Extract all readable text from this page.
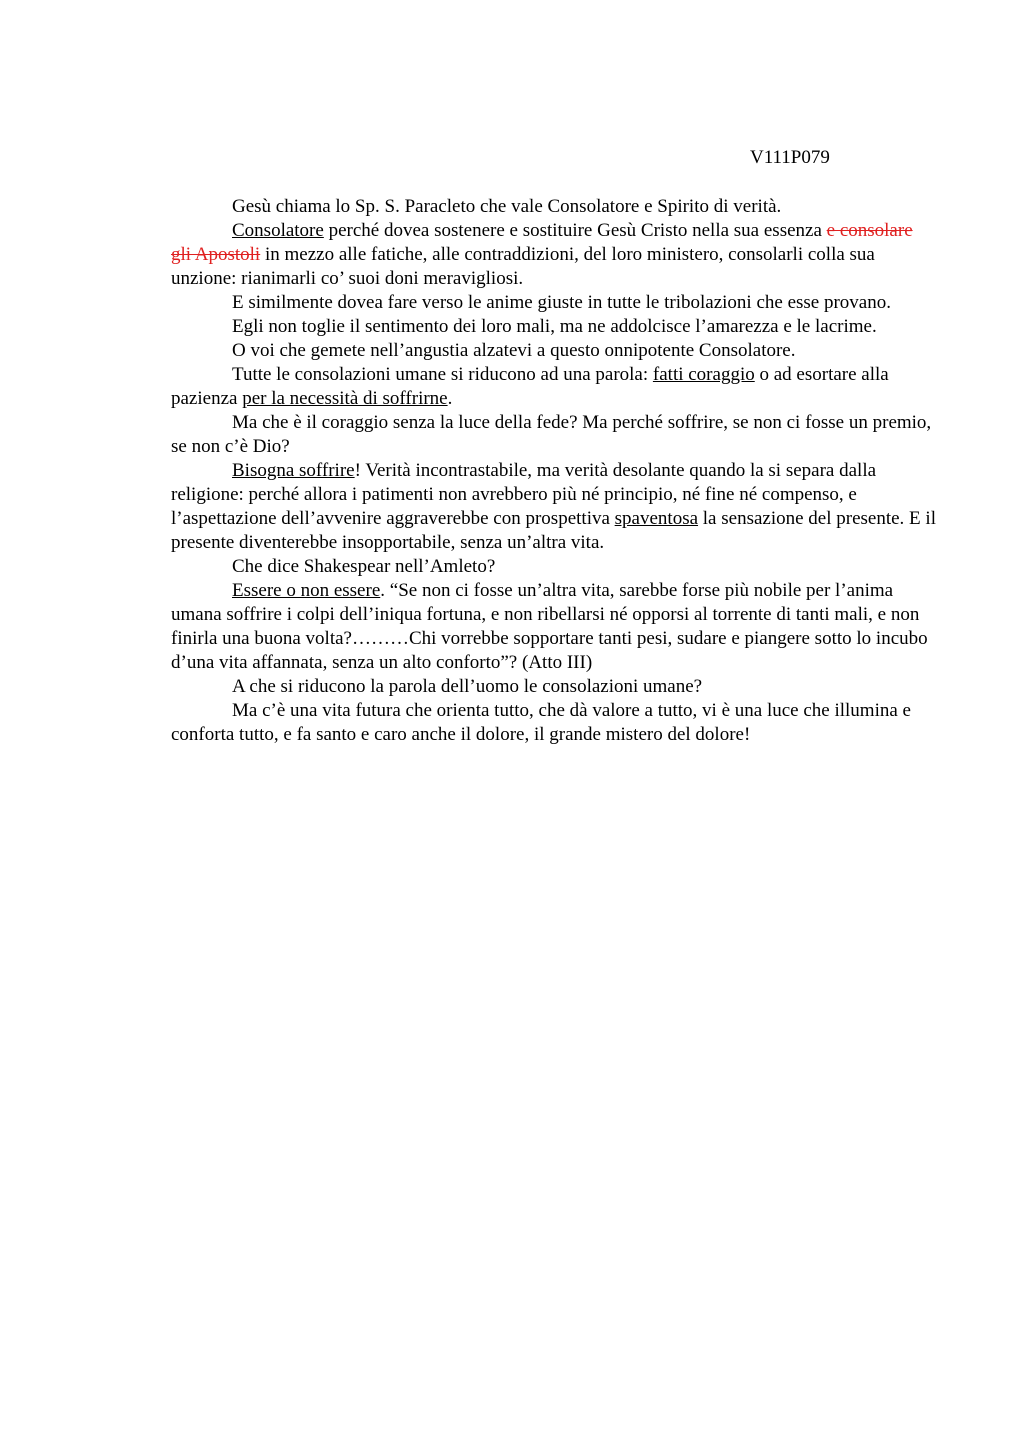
V111P079

Gesù chiama lo Sp. S. Paracleto che vale Consolatore e Spirito di verità.

Consolatore perché dovea sostenere e sostituire Gesù Cristo nella sua essenza e consolare gli Apostoli in mezzo alle fatiche, alle contraddizioni, del loro ministero, consolarli colla sua unzione: rianimarli co’ suoi doni meravigliosi.

E similmente dovea fare verso le anime giuste in tutte le tribolazioni che esse provano.

Egli non toglie il sentimento dei loro mali, ma ne addolcisce l’amarezza e le lacrime.

O voi che gemete nell’angustia alzatevi a questo onnipotente Consolatore.

Tutte le consolazioni umane si riducono ad una parola: fatti coraggio o ad esortare alla pazienza per la necessità di soffrirne.

Ma che è il coraggio senza la luce della fede? Ma perché soffrire, se non ci fosse un premio, se non c’è Dio?

Bisogna soffrire! Verità incontrastabile, ma verità desolante quando la si separa dalla religione: perché allora i patimenti non avrebbero più né principio, né fine né compenso, e l’aspettazione dell’avvenire aggraverebbe con prospettiva spaventosa la sensazione del presente. E il presente diventerebbe insopportabile, senza un’altra vita.

Che dice Shakespear nell’Amleto?

Essere o non essere. “Se non ci fosse un’altra vita, sarebbe forse più nobile per l’anima umana soffrire i colpi dell’iniqua fortuna, e non ribellarsi né opporsi al torrente di tanti mali, e non finirla una buona volta?………Chi vorrebbe sopportare tanti pesi, sudare e piangere sotto lo incubo d’una vita affannata, senza un alto conforto”? (Atto III)

A che si riducono la parola dell’uomo le consolazioni umane?

Ma c’è una vita futura che orienta tutto, che dà valore a tutto, vi è una luce che illumina e conforta tutto, e fa santo e caro anche il dolore, il grande mistero del dolore!
